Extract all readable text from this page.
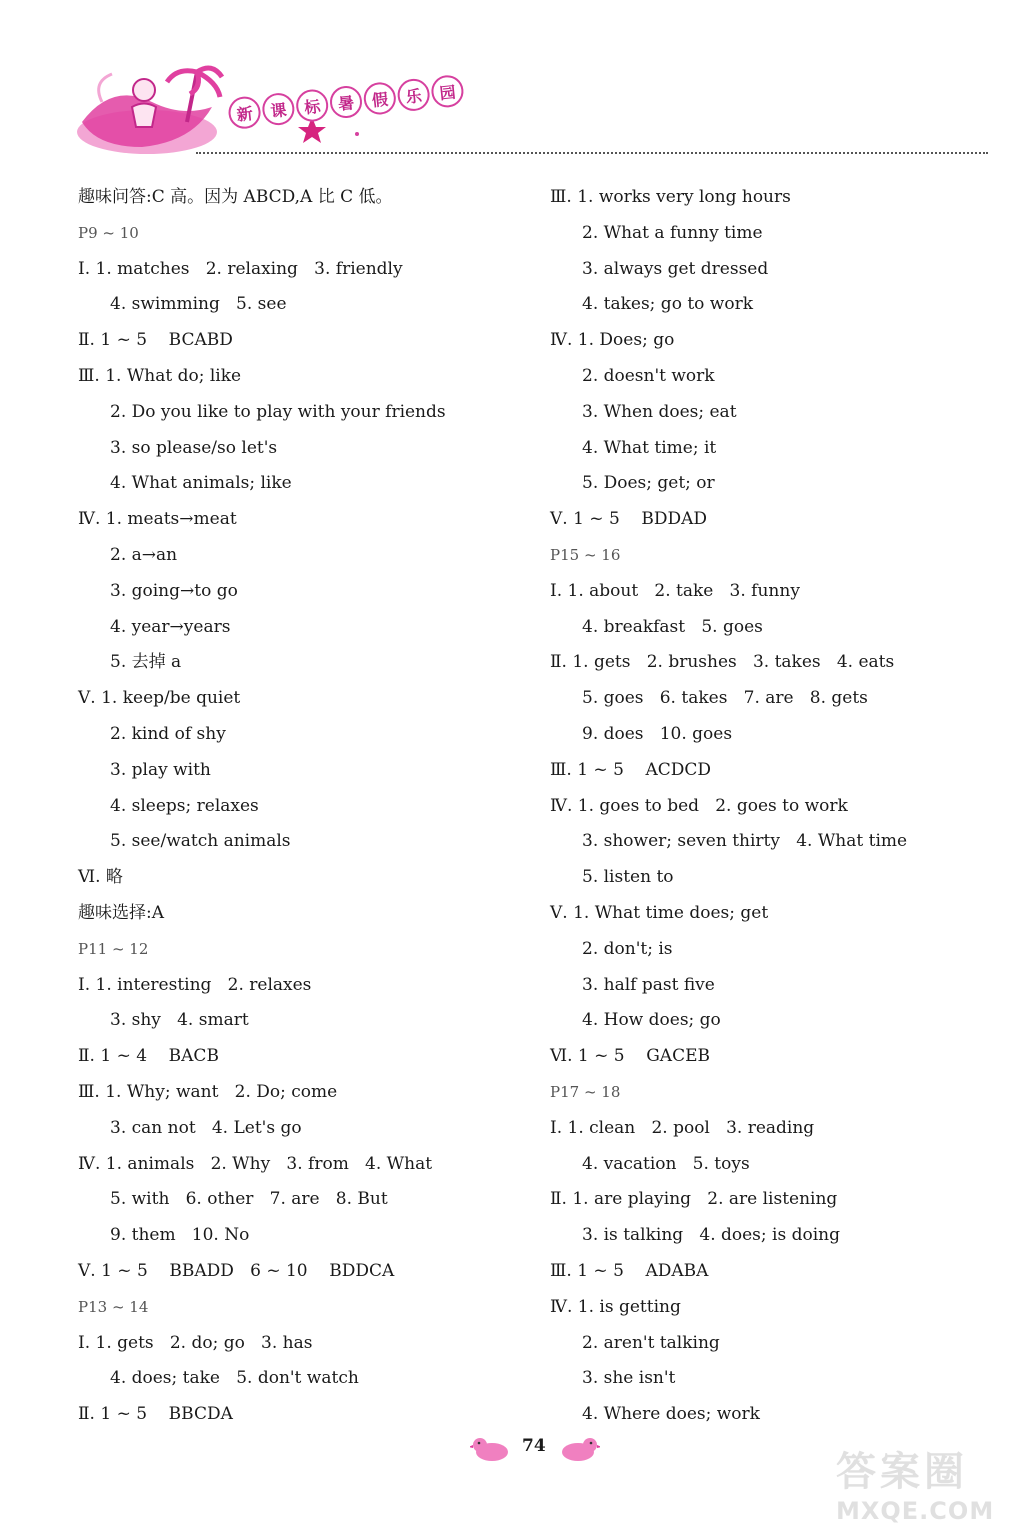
新 课 标 暑 假 乐 园
趣味问答:C 高。因为 ABCD,A 比 C 低。
P9 ~ 10
Ⅰ. 1. matches   2. relaxing   3. friendly
4. swimming   5. see
Ⅱ. 1 ~ 5    BCABD
Ⅲ. 1. What do; like
2. Do you like to play with your friends
3. so please/so let's
4. What animals; like
Ⅳ. 1. meats→meat
2. a→an
3. going→to go
4. year→years
5. 去掉 a
Ⅴ. 1. keep/be quiet
2. kind of shy
3. play with
4. sleeps; relaxes
5. see/watch animals
Ⅵ. 略
趣味选择:A
P11 ~ 12
Ⅰ. 1. interesting   2. relaxes
3. shy   4. smart
Ⅱ. 1 ~ 4    BACB
Ⅲ. 1. Why; want   2. Do; come
3. can not   4. Let's go
Ⅳ. 1. animals   2. Why   3. from   4. What
5. with   6. other   7. are   8. But
9. them   10. No
Ⅴ. 1 ~ 5    BBADD   6 ~ 10    BDDCA
P13 ~ 14
Ⅰ. 1. gets   2. do; go   3. has
4. does; take   5. don't watch
Ⅱ. 1 ~ 5    BBCDA
Ⅲ. 1. works very long hours
2. What a funny time
3. always get dressed
4. takes; go to work
Ⅳ. 1. Does; go
2. doesn't work
3. When does; eat
4. What time; it
5. Does; get; or
Ⅴ. 1 ~ 5    BDDAD
P15 ~ 16
Ⅰ. 1. about   2. take   3. funny
4. breakfast   5. goes
Ⅱ. 1. gets   2. brushes   3. takes   4. eats
5. goes   6. takes   7. are   8. gets
9. does   10. goes
Ⅲ. 1 ~ 5    ACDCD
Ⅳ. 1. goes to bed   2. goes to work
3. shower; seven thirty   4. What time
5. listen to
Ⅴ. 1. What time does; get
2. don't; is
3. half past five
4. How does; go
Ⅵ. 1 ~ 5    GACEB
P17 ~ 18
Ⅰ. 1. clean   2. pool   3. reading
4. vacation   5. toys
Ⅱ. 1. are playing   2. are listening
3. is talking   4. does; is doing
Ⅲ. 1 ~ 5    ADABA
Ⅳ. 1. is getting
2. aren't talking
3. she isn't
4. Where does; work
74
答案圈
MXQE.COM
